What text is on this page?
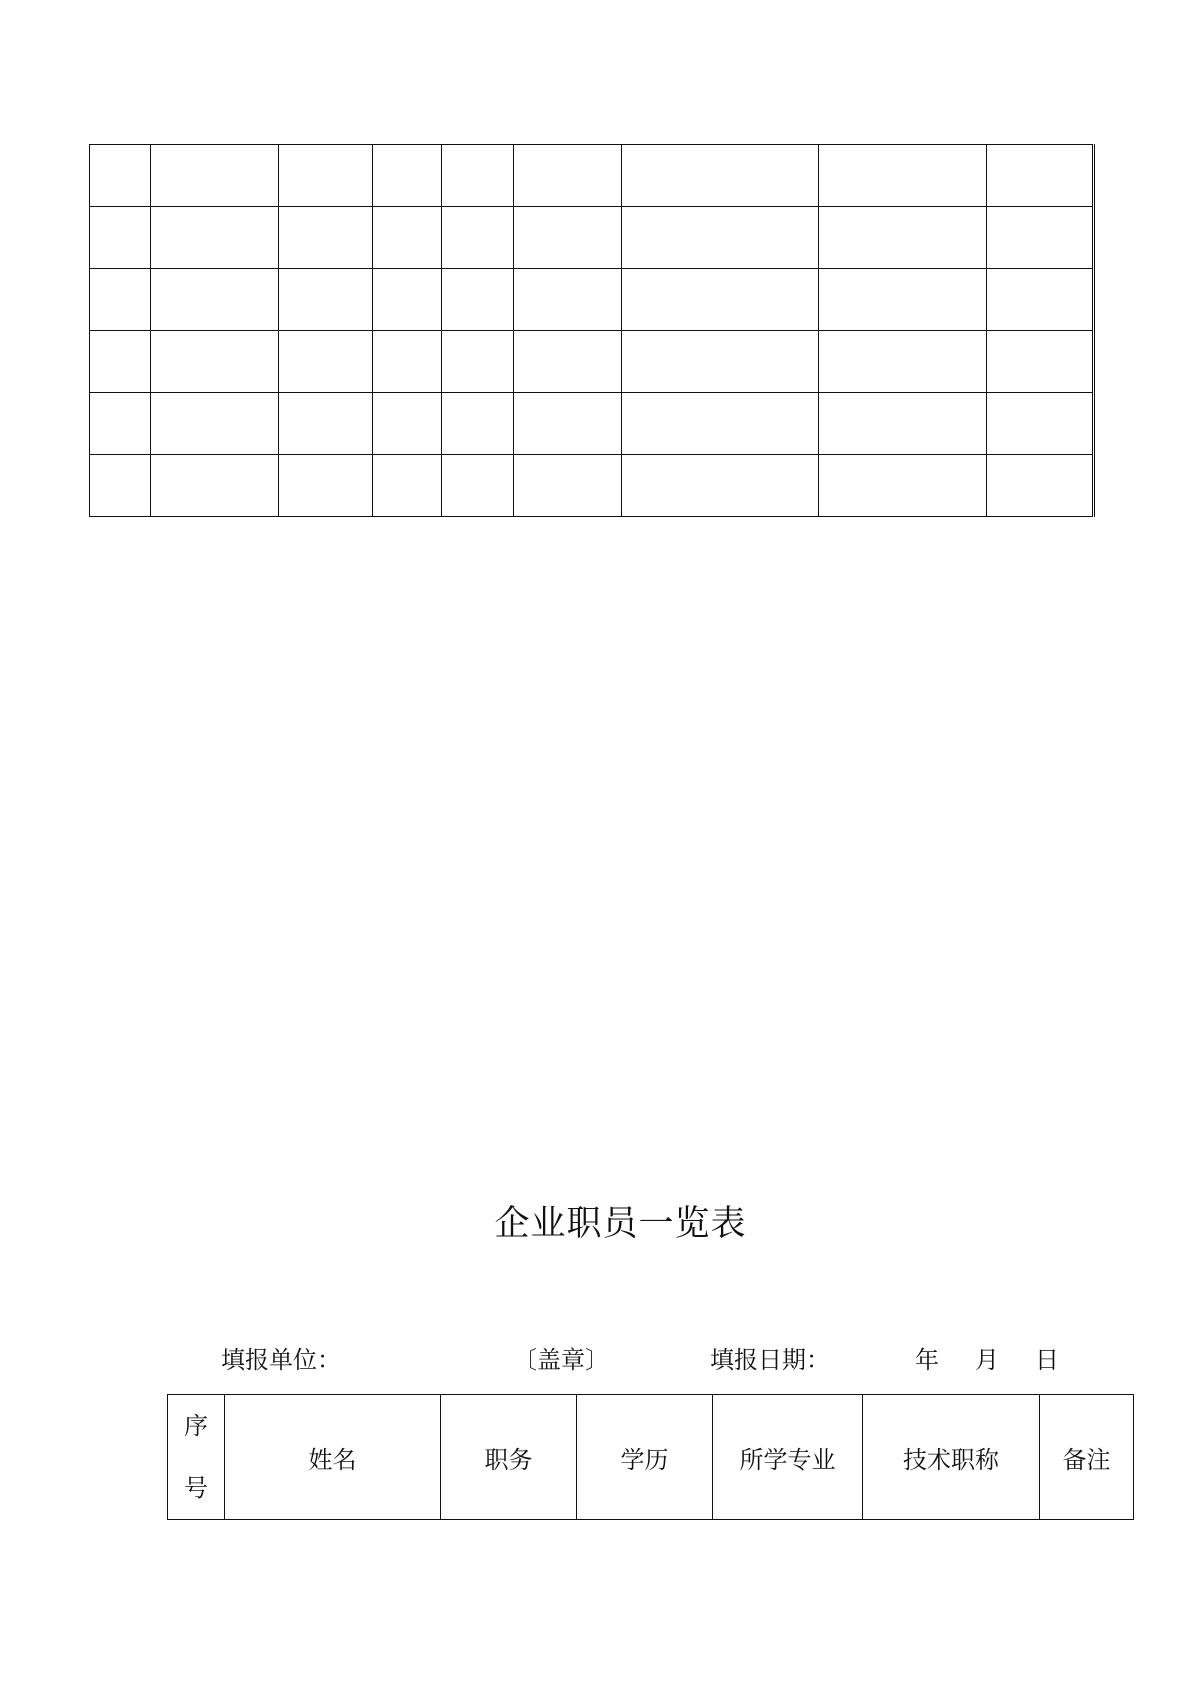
企业职员一览表
填报单位：	〔盖章〕	填报日期：	年 月 日
序
号
	姓名	职务	学历	所学专业	技术职称	备注
